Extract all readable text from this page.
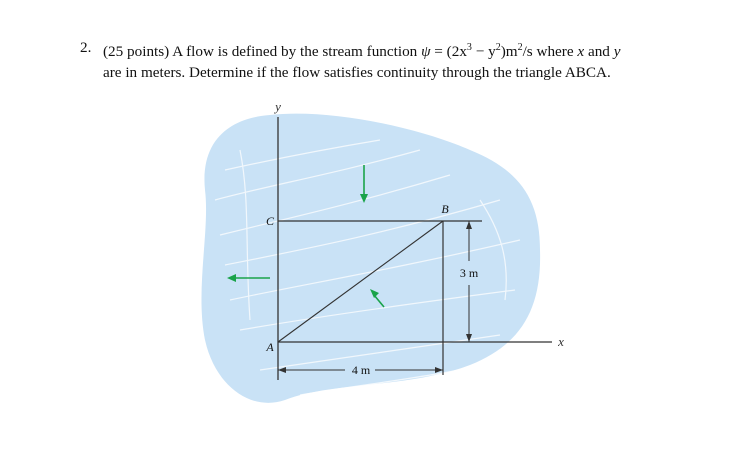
2. (25 points) A flow is defined by the stream function $\psi = (2x^3 - y^2)m^2/s$ where x and y
are in meters. Determine if the flow satisfies continuity through the triangle ABCA.
y
x
A
B
C
4 m
3 m
